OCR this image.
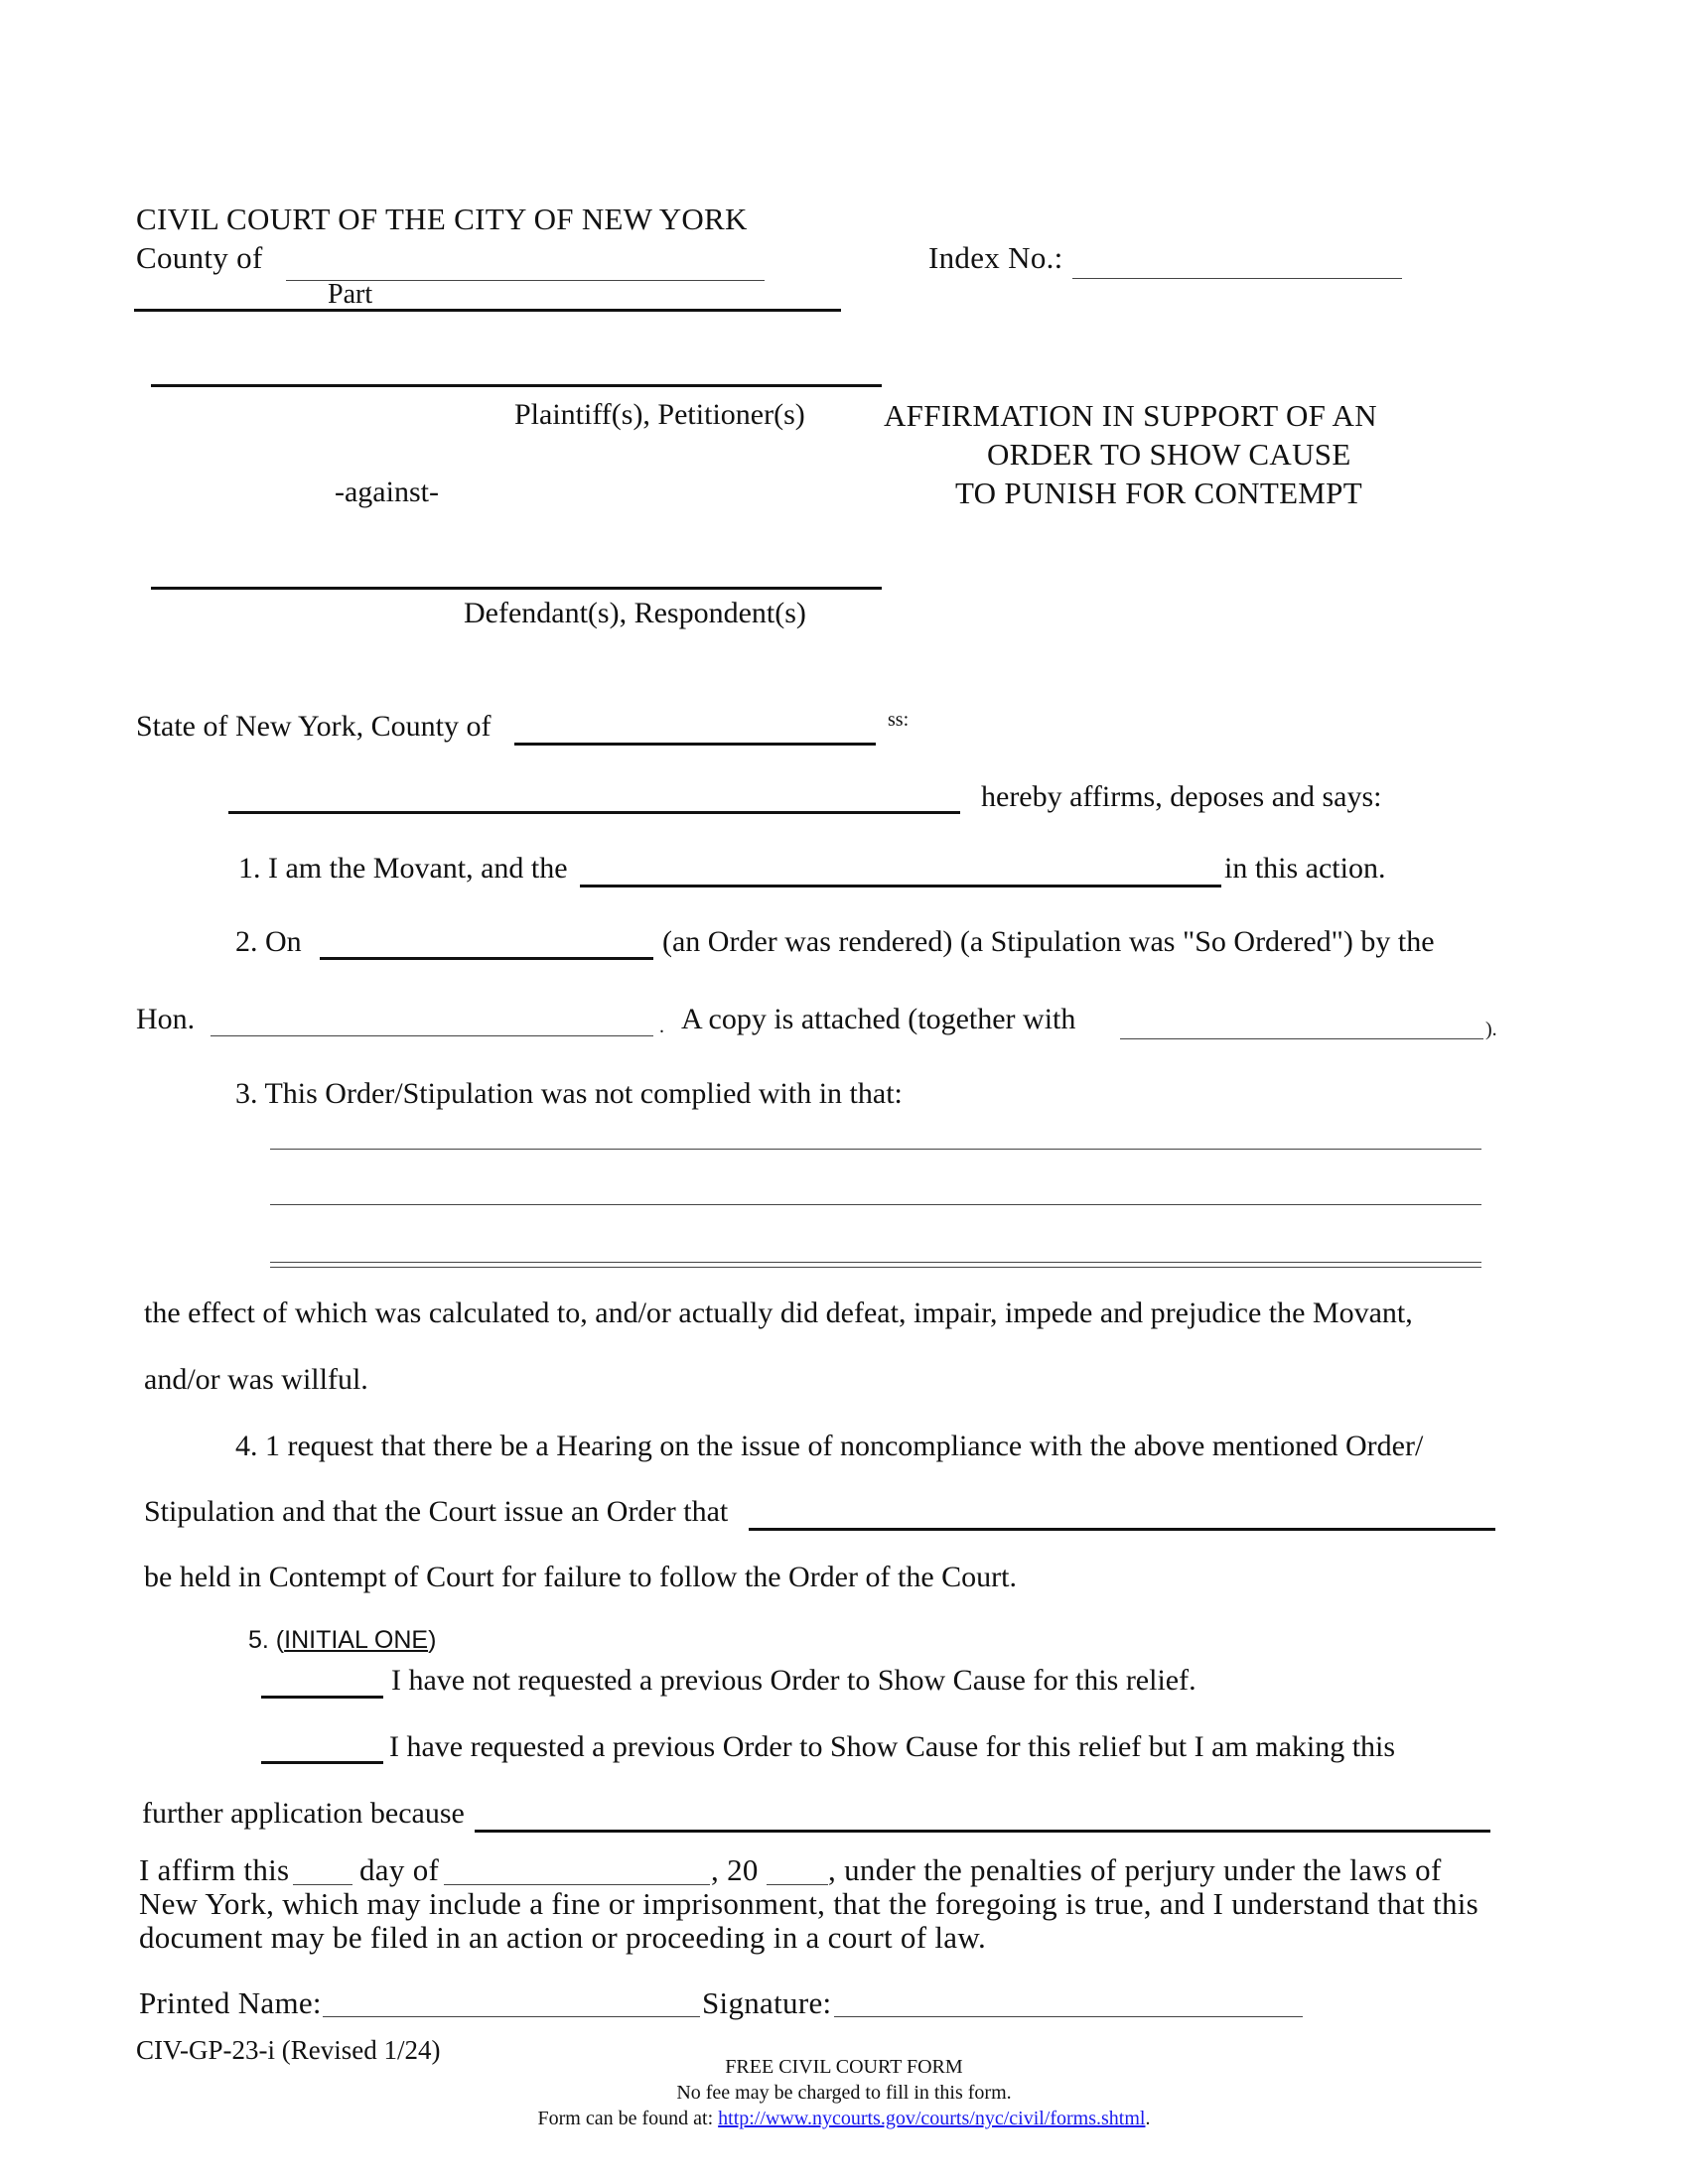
CIVIL COURT OF THE CITY OF NEW YORK
County of
Part
Index No.:
Plaintiff(s), Petitioner(s)
-against-
Defendant(s), Respondent(s)
AFFIRMATION IN SUPPORT OF AN
ORDER TO SHOW CAUSE
TO PUNISH FOR CONTEMPT
State of New York, County of	ss:
hereby affirms, deposes and says:
1. I am the Movant, and the	in this action.
2. On	(an Order was rendered) (a Stipulation was "So Ordered") by the
Hon.	. A copy is attached (together with	).
3. This Order/Stipulation was not complied with in that:
the effect of which was calculated to, and/or actually did defeat, impair, impede and prejudice the Movant,
and/or was willful.
4. 1 request that there be a Hearing on the issue of noncompliance with the above mentioned Order/
Stipulation and that the Court issue an Order that
be held in Contempt of Court for failure to follow the Order of the Court.
5. (INITIAL ONE)
I have not requested a previous Order to Show Cause for this relief.
I have requested a previous Order to Show Cause for this relief but I am making this
further application because
I affirm this day of	, 20 , under the penalties of perjury under the laws of
New York, which may include a fine or imprisonment, that the foregoing is true, and I understand that this
document may be filed in an action or proceeding in a court of law.
Printed Name:	Signature:
CIV-GP-23-i (Revised 1/24)
FREE CIVIL COURT FORM
No fee may be charged to fill in this form.
Form can be found at: http://www.nycourts.gov/courts/nyc/civil/forms.shtml.
